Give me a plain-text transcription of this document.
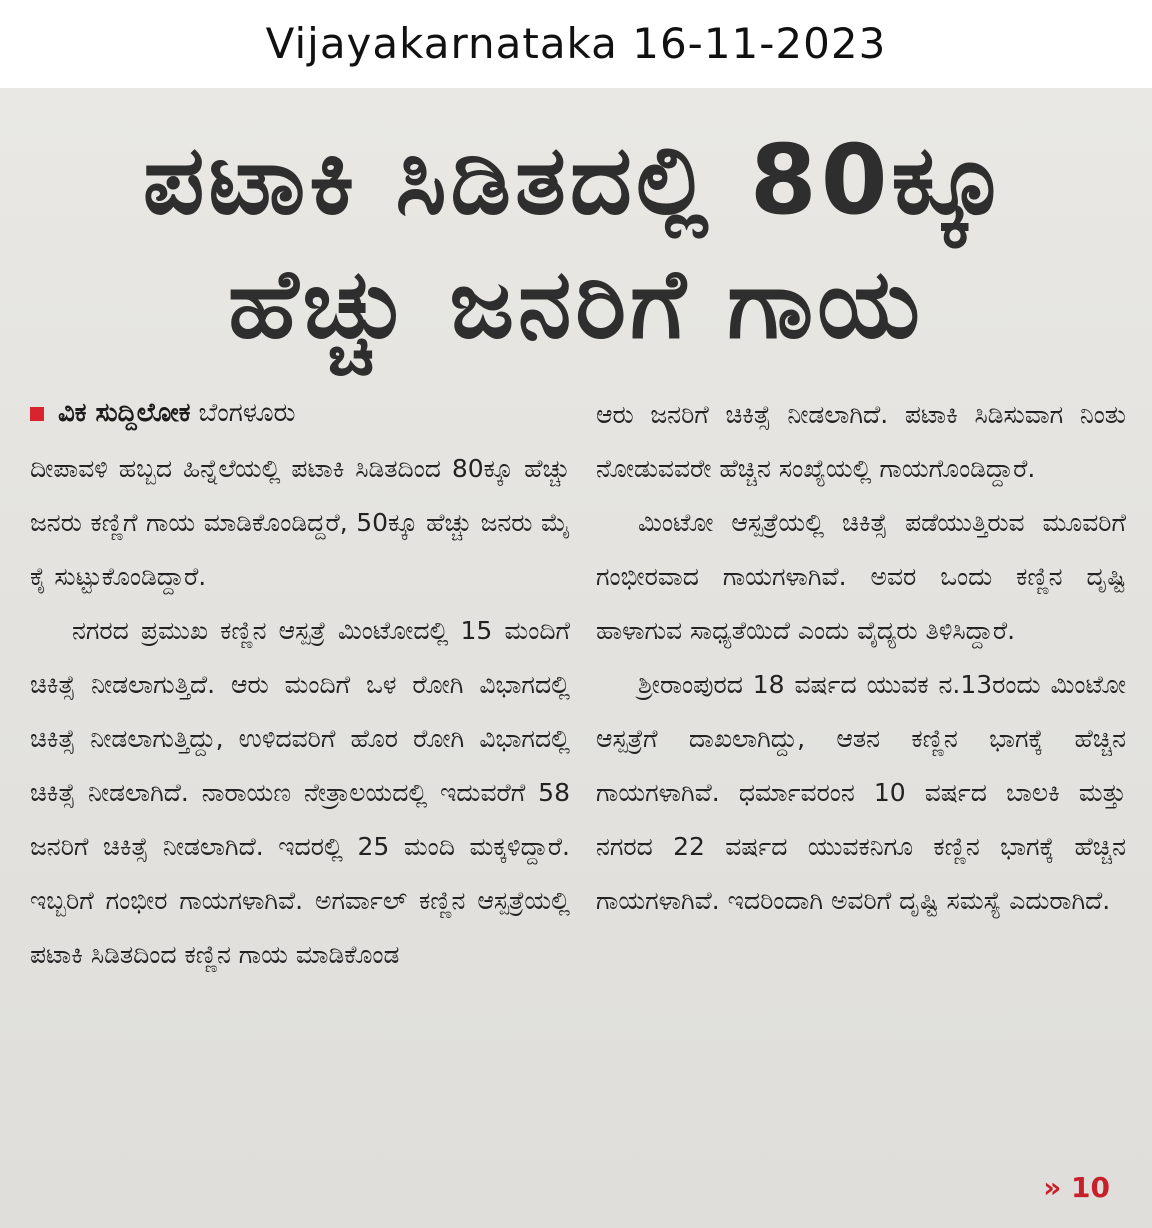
Vijayakarnataka 16-11-2023
ಪಟಾಕಿ ಸಿಡಿತದಲ್ಲಿ 80ಕ್ಕೂ
ಹೆಚ್ಚು ಜನರಿಗೆ ಗಾಯ
ವಿಕ ಸುದ್ದಿಲೋಕ ಬೆಂಗಳೂರು
ದೀಪಾವಳಿ ಹಬ್ಬದ ಹಿನ್ನೆಲೆಯಲ್ಲಿ ಪಟಾಕಿ ಸಿಡಿತದಿಂದ 80ಕ್ಕೂ ಹೆಚ್ಚು ಜನರು ಕಣ್ಣಿಗೆ ಗಾಯ ಮಾಡಿಕೊಂಡಿದ್ದರೆ, 50ಕ್ಕೂ ಹೆಚ್ಚು ಜನರು ಮೈ ಕೈ ಸುಟ್ಟುಕೊಂಡಿದ್ದಾರೆ.
ನಗರದ ಪ್ರಮುಖ ಕಣ್ಣಿನ ಆಸ್ಪತ್ರೆ ಮಿಂಟೋದಲ್ಲಿ 15 ಮಂದಿಗೆ ಚಿಕಿತ್ಸೆ ನೀಡಲಾಗುತ್ತಿದೆ. ಆರು ಮಂದಿಗೆ ಒಳ ರೋಗಿ ವಿಭಾಗದಲ್ಲಿ ಚಿಕಿತ್ಸೆ ನೀಡಲಾಗುತ್ತಿದ್ದು, ಉಳಿದವರಿಗೆ ಹೊರ ರೋಗಿ ವಿಭಾಗದಲ್ಲಿ ಚಿಕಿತ್ಸೆ ನೀಡಲಾಗಿದೆ. ನಾರಾಯಣ ನೇತ್ರಾಲಯದಲ್ಲಿ ಇದುವರೆಗೆ 58 ಜನರಿಗೆ ಚಿಕಿತ್ಸೆ ನೀಡಲಾಗಿದೆ. ಇದರಲ್ಲಿ 25 ಮಂದಿ ಮಕ್ಕಳಿದ್ದಾರೆ. ಇಬ್ಬರಿಗೆ ಗಂಭೀರ ಗಾಯಗಳಾಗಿವೆ. ಅಗರ್ವಾಲ್ ಕಣ್ಣಿನ ಆಸ್ಪತ್ರೆಯಲ್ಲಿ ಪಟಾಕಿ ಸಿಡಿತದಿಂದ ಕಣ್ಣಿನ ಗಾಯ ಮಾಡಿಕೊಂಡ
ಆರು ಜನರಿಗೆ ಚಿಕಿತ್ಸೆ ನೀಡಲಾಗಿದೆ. ಪಟಾಕಿ ಸಿಡಿಸುವಾಗ ನಿಂತು ನೋಡುವವರೇ ಹೆಚ್ಚಿನ ಸಂಖ್ಯೆಯಲ್ಲಿ ಗಾಯಗೊಂಡಿದ್ದಾರೆ.
ಮಿಂಟೋ ಆಸ್ಪತ್ರೆಯಲ್ಲಿ ಚಿಕಿತ್ಸೆ ಪಡೆಯುತ್ತಿರುವ ಮೂವರಿಗೆ ಗಂಭೀರವಾದ ಗಾಯಗಳಾಗಿವೆ. ಅವರ ಒಂದು ಕಣ್ಣಿನ ದೃಷ್ಟಿ ಹಾಳಾಗುವ ಸಾಧ್ಯತೆಯಿದೆ ಎಂದು ವೈದ್ಯರು ತಿಳಿಸಿದ್ದಾರೆ.
ಶ್ರೀರಾಂಪುರದ 18 ವರ್ಷದ ಯುವಕ ನ.13ರಂದು ಮಿಂಟೋ ಆಸ್ಪತ್ರೆಗೆ ದಾಖಲಾಗಿದ್ದು, ಆತನ ಕಣ್ಣಿನ ಭಾಗಕ್ಕೆ ಹೆಚ್ಚಿನ ಗಾಯಗಳಾಗಿವೆ. ಧರ್ಮಾವರಂನ 10 ವರ್ಷದ ಬಾಲಕಿ ಮತ್ತು ನಗರದ 22 ವರ್ಷದ ಯುವಕನಿಗೂ ಕಣ್ಣಿನ ಭಾಗಕ್ಕೆ ಹೆಚ್ಚಿನ ಗಾಯಗಳಾಗಿವೆ. ಇದರಿಂದಾಗಿ ಅವರಿಗೆ ದೃಷ್ಟಿ ಸಮಸ್ಯೆ ಎದುರಾಗಿದೆ.
» 10
